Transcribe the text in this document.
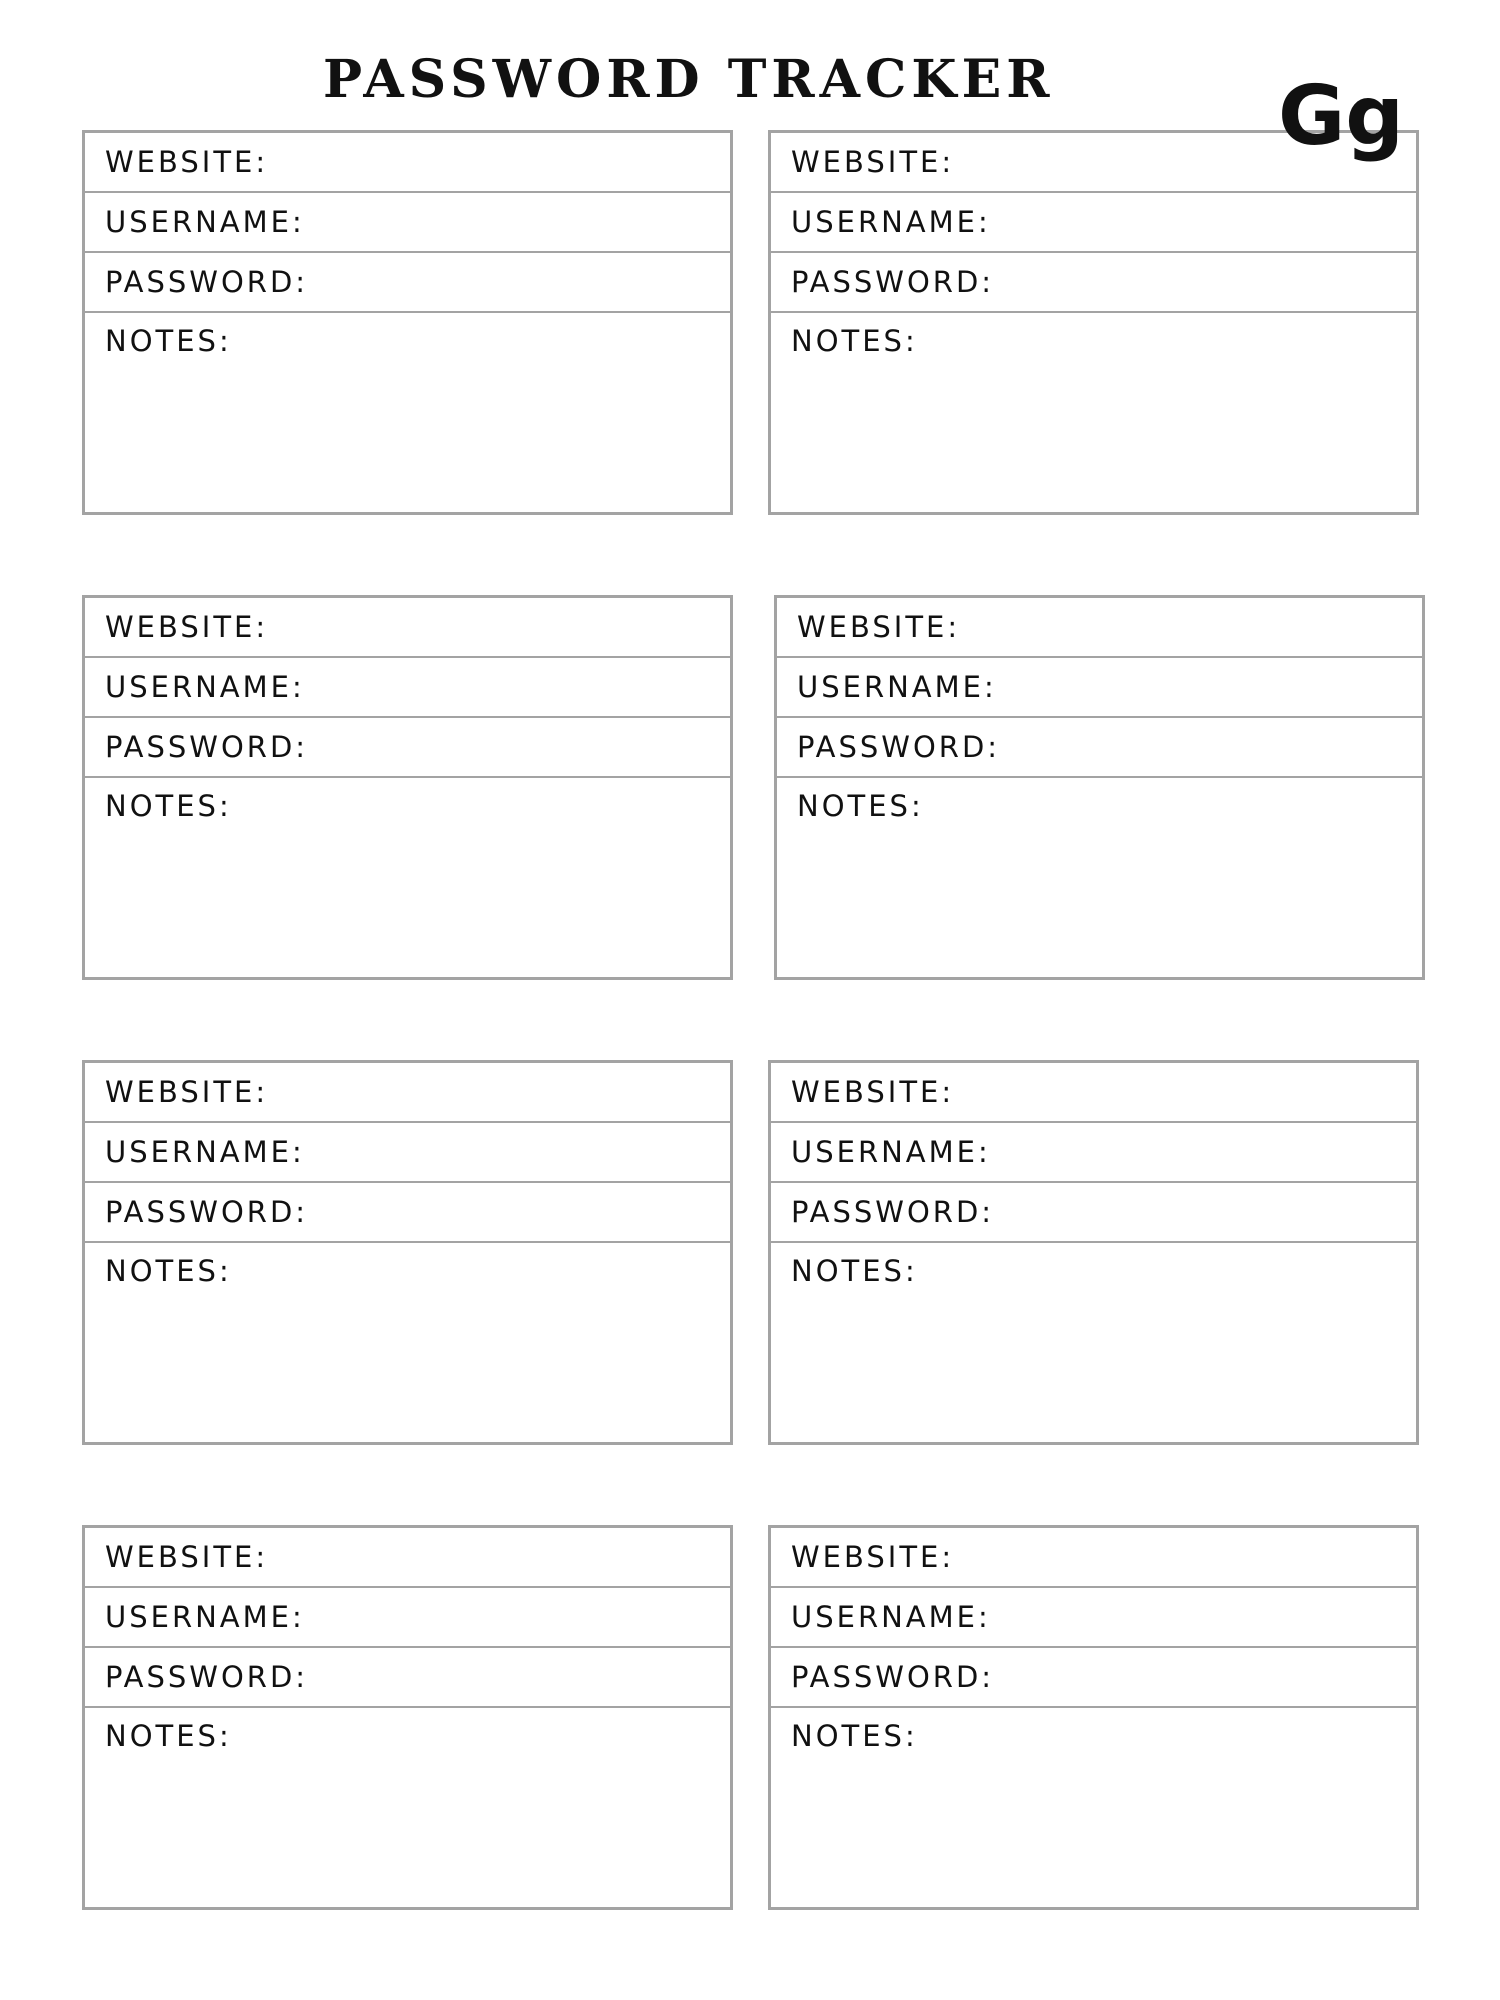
PASSWORD TRACKER	Gg
WEBSITE:
USERNAME:
PASSWORD:
NOTES:
WEBSITE:
USERNAME:
PASSWORD:
NOTES:
WEBSITE:
USERNAME:
PASSWORD:
NOTES:
WEBSITE:
USERNAME:
PASSWORD:
NOTES:
WEBSITE:
USERNAME:
PASSWORD:
NOTES:
WEBSITE:
USERNAME:
PASSWORD:
NOTES:
WEBSITE:
USERNAME:
PASSWORD:
NOTES:
WEBSITE:
USERNAME:
PASSWORD:
NOTES:
